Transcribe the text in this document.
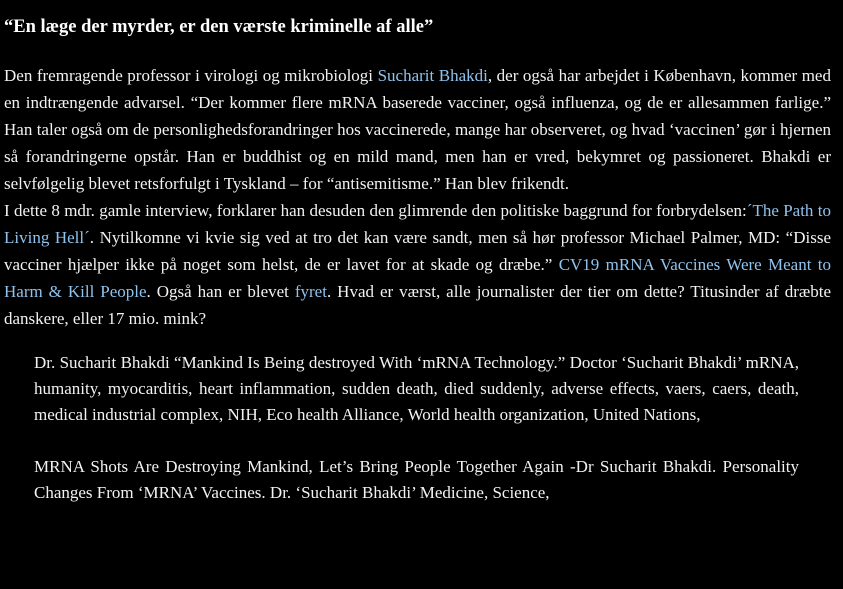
“En læge der myrder, er den værste kriminelle af alle”

Den fremragende professor i virologi og mikrobiologi Sucharit Bhakdi, der også har arbejdet i København, kommer med en indtrængende advarsel. “Der kommer flere mRNA baserede vacciner, også influenza, og de er allesammen farlige.” Han taler også om de personlighedsforandringer hos vaccinerede, mange har observeret, og hvad ‘vaccinen’ gør i hjernen så forandringerne opstår. Han er buddhist og en mild mand, men han er vred, bekymret og passioneret. Bhakdi er selvfølgelig blevet retsforfulgt i Tyskland – for “antisemitisme.” Han blev frikendt.

I dette 8 mdr. gamle interview, forklarer han desuden den glimrende den politiske baggrund for forbrydelsen:´The Path to Living Hell´. Nytilkomne vi kvie sig ved at tro det kan være sandt, men så hør professor Michael Palmer, MD: “Disse vacciner hjælper ikke på noget som helst, de er lavet for at skade og dræbe.” CV19 mRNA Vaccines Were Meant to Harm & Kill People. Også han er blevet fyret. Hvad er værst, alle journalister der tier om dette? Titusinder af dræbte danskere, eller 17 mio. mink?

Dr. Sucharit Bhakdi “Mankind Is Being destroyed With ‘mRNA Technology.” Doctor ‘Sucharit Bhakdi’ mRNA, humanity, myocarditis, heart inflammation, sudden death, died suddenly, adverse effects, vaers, caers, death, medical industrial complex, NIH, Eco health Alliance, World health organization, United Nations,

MRNA Shots Are Destroying Mankind, Let’s Bring People Together Again -Dr Sucharit Bhakdi. Personality Changes From ‘MRNA’ Vaccines. Dr. ‘Sucharit Bhakdi’ Medicine, Science,
